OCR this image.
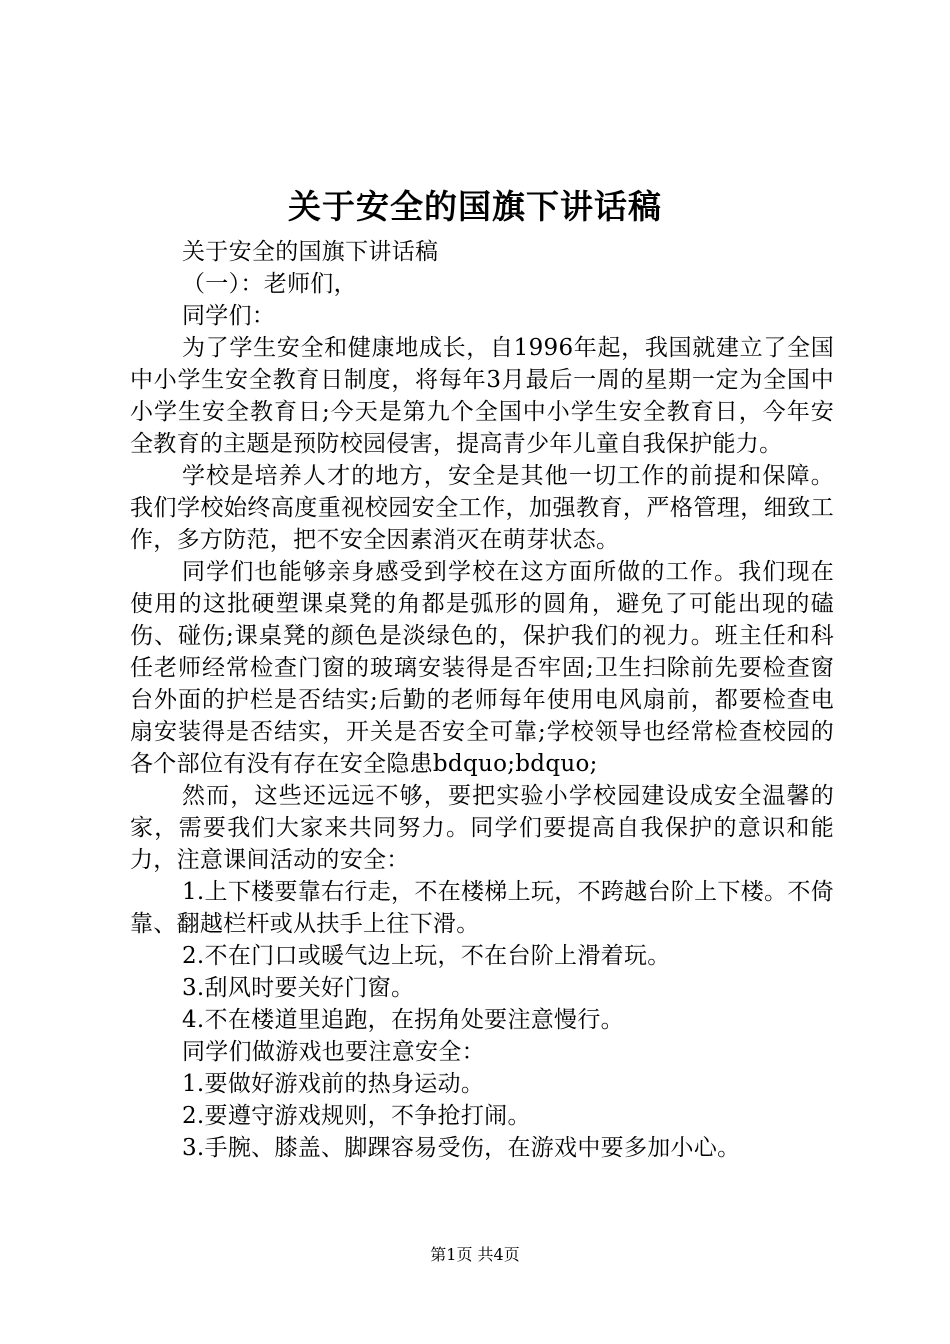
关于安全的国旗下讲话稿

关于安全的国旗下讲话稿

（一）：老师们，

同学们：

为了学生安全和健康地成长，自1996年起，我国就建立了全国中小学生安全教育日制度，将每年3月最后一周的星期一定为全国中小学生安全教育日;今天是第九个全国中小学生安全教育日，今年安全教育的主题是预防校园侵害，提高青少年儿童自我保护能力。

学校是培养人才的地方，安全是其他一切工作的前提和保障。我们学校始终高度重视校园安全工作，加强教育，严格管理，细致工作，多方防范，把不安全因素消灭在萌芽状态。

同学们也能够亲身感受到学校在这方面所做的工作。我们现在使用的这批硬塑课桌凳的角都是弧形的圆角，避免了可能出现的磕伤、碰伤;课桌凳的颜色是淡绿色的，保护我们的视力。班主任和科任老师经常检查门窗的玻璃安装得是否牢固;卫生扫除前先要检查窗台外面的护栏是否结实;后勤的老师每年使用电风扇前，都要检查电扇安装得是否结实，开关是否安全可靠;学校领导也经常检查校园的各个部位有没有存在安全隐患bdquo;bdquo;

然而，这些还远远不够，要把实验小学校园建设成安全温馨的家，需要我们大家来共同努力。同学们要提高自我保护的意识和能力，注意课间活动的安全：

1.上下楼要靠右行走，不在楼梯上玩，不跨越台阶上下楼。不倚靠、翻越栏杆或从扶手上往下滑。

2.不在门口或暖气边上玩，不在台阶上滑着玩。

3.刮风时要关好门窗。

4.不在楼道里追跑，在拐角处要注意慢行。

同学们做游戏也要注意安全：

1.要做好游戏前的热身运动。

2.要遵守游戏规则，不争抢打闹。

3.手腕、膝盖、脚踝容易受伤，在游戏中要多加小心。

第1页 共4页
